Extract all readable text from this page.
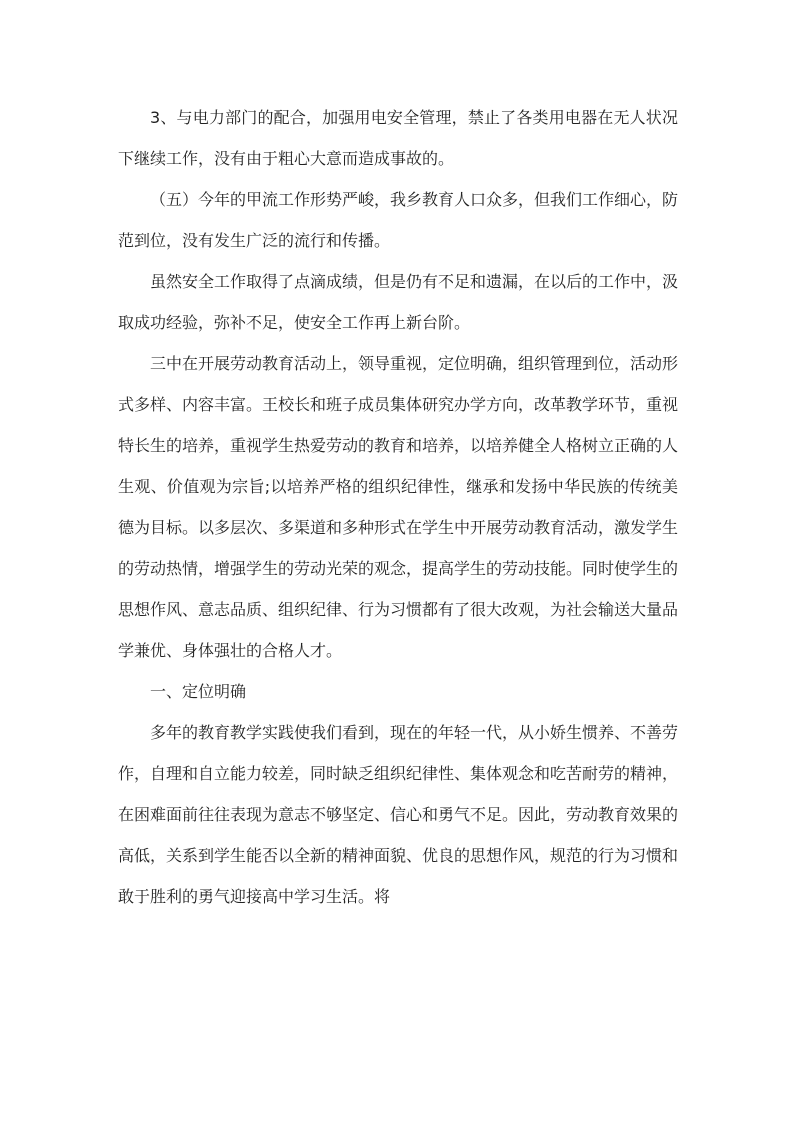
3、与电力部门的配合，加强用电安全管理，禁止了各类用电器在无人状况下继续工作，没有由于粗心大意而造成事故的。

（五）今年的甲流工作形势严峻，我乡教育人口众多，但我们工作细心，防范到位，没有发生广泛的流行和传播。

虽然安全工作取得了点滴成绩，但是仍有不足和遗漏，在以后的工作中，汲取成功经验，弥补不足，使安全工作再上新台阶。

三中在开展劳动教育活动上，领导重视，定位明确，组织管理到位，活动形式多样、内容丰富。王校长和班子成员集体研究办学方向，改革教学环节，重视特长生的培养，重视学生热爱劳动的教育和培养，以培养健全人格树立正确的人生观、价值观为宗旨;以培养严格的组织纪律性，继承和发扬中华民族的传统美德为目标。以多层次、多渠道和多种形式在学生中开展劳动教育活动，激发学生的劳动热情，增强学生的劳动光荣的观念，提高学生的劳动技能。同时使学生的思想作风、意志品质、组织纪律、行为习惯都有了很大改观，为社会输送大量品学兼优、身体强壮的合格人才。

一、定位明确

多年的教育教学实践使我们看到，现在的年轻一代，从小娇生惯养、不善劳作，自理和自立能力较差，同时缺乏组织纪律性、集体观念和吃苦耐劳的精神，在困难面前往往表现为意志不够坚定、信心和勇气不足。因此，劳动教育效果的高低，关系到学生能否以全新的精神面貌、优良的思想作风，规范的行为习惯和敢于胜利的勇气迎接高中学习生活。将
